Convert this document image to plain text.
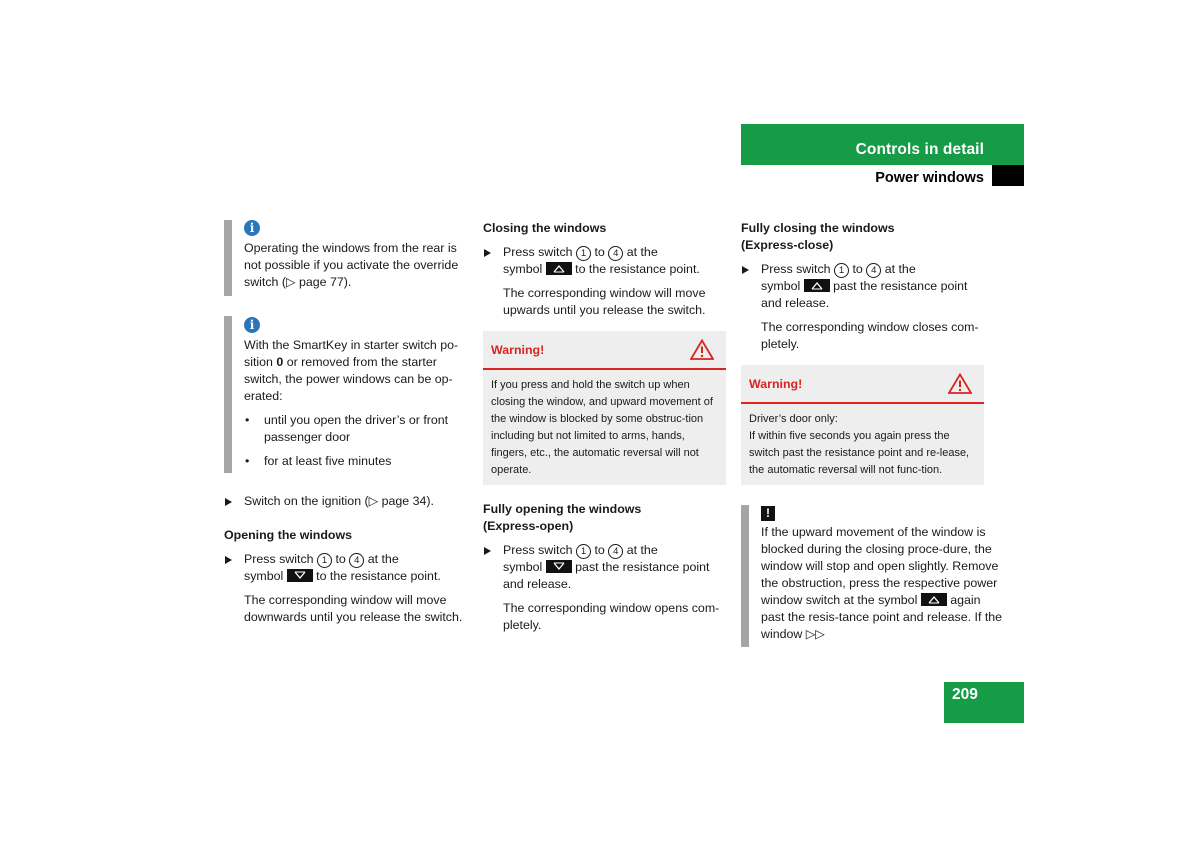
Controls in detail
Power windows
i

Operating the windows from the rear is not possible if you activate the override switch (▷ page 77).

i

With the SmartKey in starter switch po-sition 0 or removed from the starter switch, the power windows can be op-erated:

• until you open the driver’s or front passenger door

• for at least five minutes

Switch on the ignition (▷ page 34).

Opening the windows

Press switch 1 to 4 at the
symbol	to the resistance point.

The corresponding window will move downwards until you release the switch.

Closing the windows

Press switch 1 to 4 at the
symbol	to the resistance point.

The corresponding window will move upwards until you release the switch.

Warning!

If you press and hold the switch up when closing the window, and upward movement of the window is blocked by some obstruc-tion including but not limited to arms, hands, fingers, etc., the automatic reversal will not operate.

Fully opening the windows
(Express-open)

Press switch 1 to 4 at the
symbol	past the resistance point and release.

The corresponding window opens com-pletely.

Fully closing the windows
(Express-close)

Press switch 1 to 4 at the
symbol	past the resistance point and release.

The corresponding window closes com-pletely.

Warning!

Driver’s door only:
If within five seconds you again press the switch past the resistance point and re-lease, the automatic reversal will not func-tion.

!

If the upward movement of the window is blocked during the closing proce-dure, the window will stop and open slightly. Remove the obstruction, press the respective power window switch at the symbol	again past the resis-tance point and release. If the window ▷▷

209
